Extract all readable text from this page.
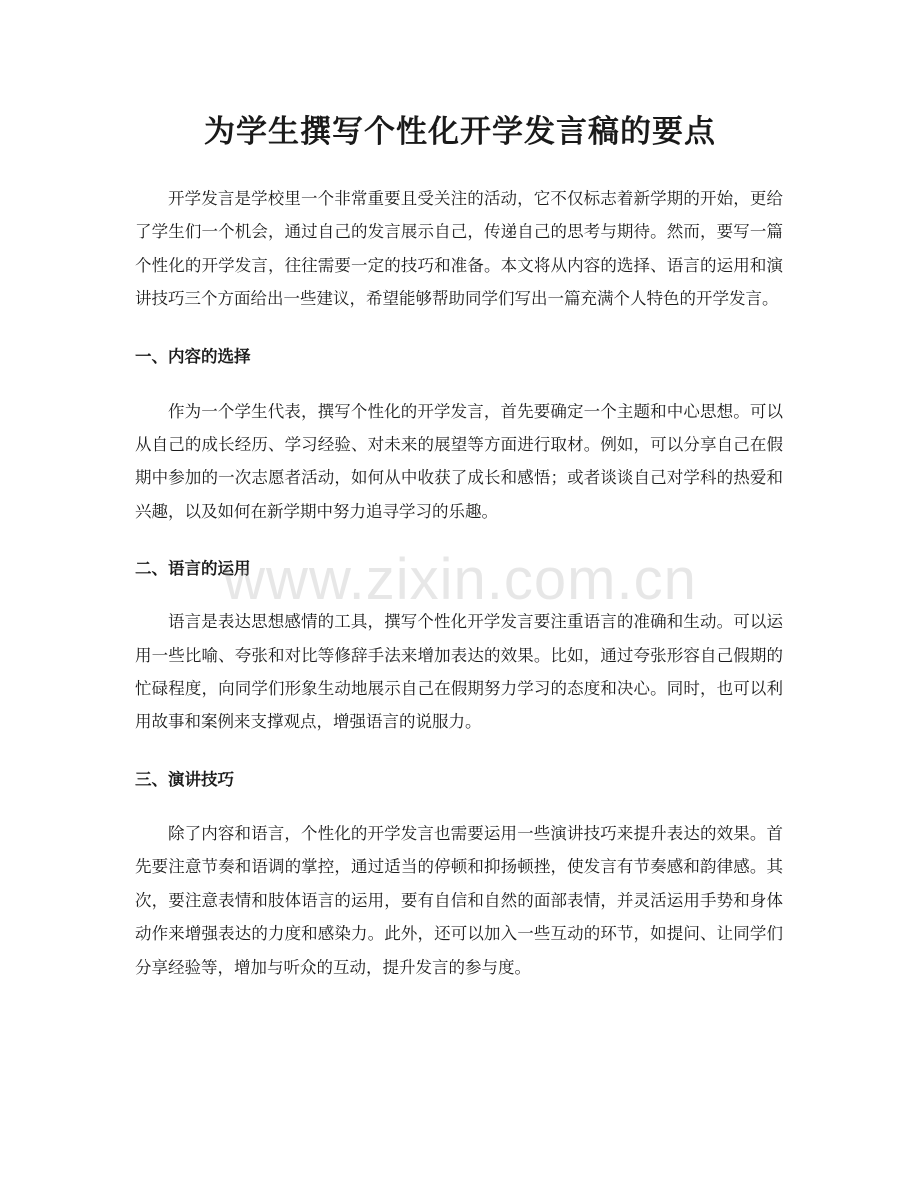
为学生撰写个性化开学发言稿的要点

开学发言是学校里一个非常重要且受关注的活动，它不仅标志着新学期的开始，更给了学生们一个机会，通过自己的发言展示自己，传递自己的思考与期待。然而，要写一篇个性化的开学发言，往往需要一定的技巧和准备。本文将从内容的选择、语言的运用和演讲技巧三个方面给出一些建议，希望能够帮助同学们写出一篇充满个人特色的开学发言。

一、内容的选择

作为一个学生代表，撰写个性化的开学发言，首先要确定一个主题和中心思想。可以从自己的成长经历、学习经验、对未来的展望等方面进行取材。例如，可以分享自己在假期中参加的一次志愿者活动，如何从中收获了成长和感悟；或者谈谈自己对学科的热爱和兴趣，以及如何在新学期中努力追寻学习的乐趣。

二、语言的运用

语言是表达思想感情的工具，撰写个性化开学发言要注重语言的准确和生动。可以运用一些比喻、夸张和对比等修辞手法来增加表达的效果。比如，通过夸张形容自己假期的忙碌程度，向同学们形象生动地展示自己在假期努力学习的态度和决心。同时，也可以利用故事和案例来支撑观点，增强语言的说服力。

三、演讲技巧

除了内容和语言，个性化的开学发言也需要运用一些演讲技巧来提升表达的效果。首先要注意节奏和语调的掌控，通过适当的停顿和抑扬顿挫，使发言有节奏感和韵律感。其次，要注意表情和肢体语言的运用，要有自信和自然的面部表情，并灵活运用手势和身体动作来增强表达的力度和感染力。此外，还可以加入一些互动的环节，如提问、让同学们分享经验等，增加与听众的互动，提升发言的参与度。

www.zixin.com.cn
